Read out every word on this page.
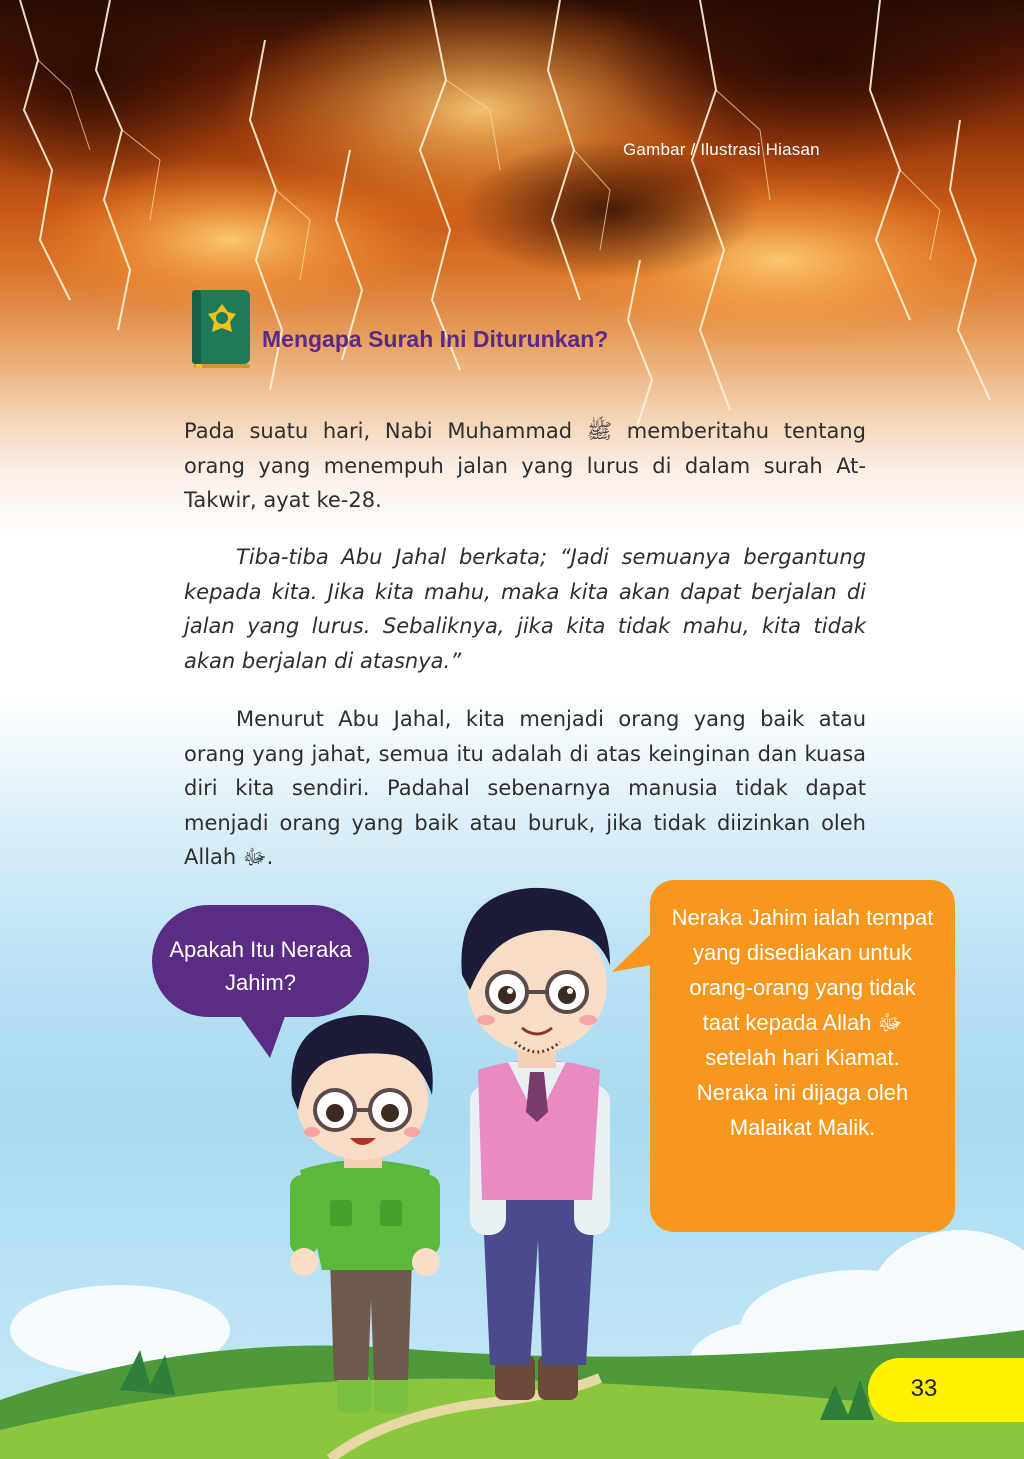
Gambar / Ilustrasi Hiasan
Mengapa Surah Ini Diturunkan?
Pada suatu hari, Nabi Muhammad ﷺ memberitahu tentang orang yang menempuh jalan yang lurus di dalam surah At-Takwir, ayat ke-28.
Tiba-tiba Abu Jahal berkata; “Jadi semuanya bergantung kepada kita. Jika kita mahu, maka kita akan dapat berjalan di jalan yang lurus. Sebaliknya, jika kita tidak mahu, kita tidak akan berjalan di atasnya.”
Menurut Abu Jahal, kita menjadi orang yang baik atau orang yang jahat, semua itu adalah di atas keinginan dan kuasa diri kita sendiri. Padahal sebenarnya manusia tidak dapat menjadi orang yang baik atau buruk, jika tidak diizinkan oleh Allah ﷻ.
Apakah Itu Neraka Jahim?
Neraka Jahim ialah tempat yang disediakan untuk orang-orang yang tidak taat kepada Allah ﷻ setelah hari Kiamat. Neraka ini dijaga oleh Malaikat Malik.
33
